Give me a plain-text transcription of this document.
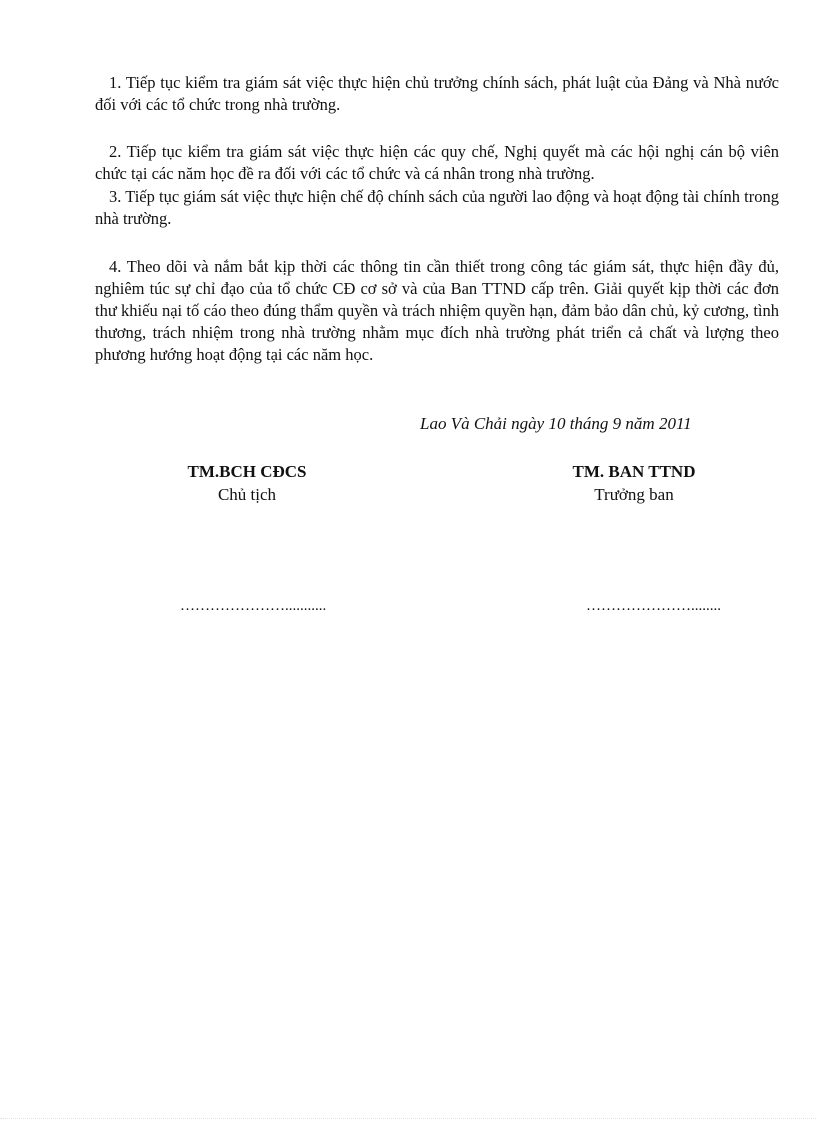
1. Tiếp tục kiểm tra giám sát việc thực hiện chủ trưởng chính sách, phát luật của Đảng và Nhà nước đối với các tổ chức trong nhà trường.

2. Tiếp tục kiểm tra giám sát việc thực hiện các quy chế, Nghị quyết mà các hội nghị cán bộ viên chức tại các năm học đề ra đối với các tổ chức và cá nhân trong nhà trường.

3. Tiếp tục giám sát việc thực hiện chế độ chính sách của người lao động và hoạt động tài chính trong nhà trường.

4. Theo dõi và nắm bắt kịp thời các thông tin cần thiết trong công tác giám sát, thực hiện đầy đủ, nghiêm túc sự chỉ đạo của tổ chức CĐ cơ sở và của Ban TTND cấp trên. Giải quyết kịp thời các đơn thư khiếu nại tố cáo theo đúng thẩm quyền và trách nhiệm quyền hạn, đảm bảo dân chủ, kỷ cương, tình thương, trách nhiệm trong nhà trường nhằm mục đích nhà trường phát triển cả chất và lượng theo phương hướng hoạt động tại các năm học.

Lao Và Chải ngày 10 tháng 9 năm 2011

TM.BCH CĐCS

Chủ tịch

TM. BAN TTND

Trưởng ban

…………………...........	…………………........
